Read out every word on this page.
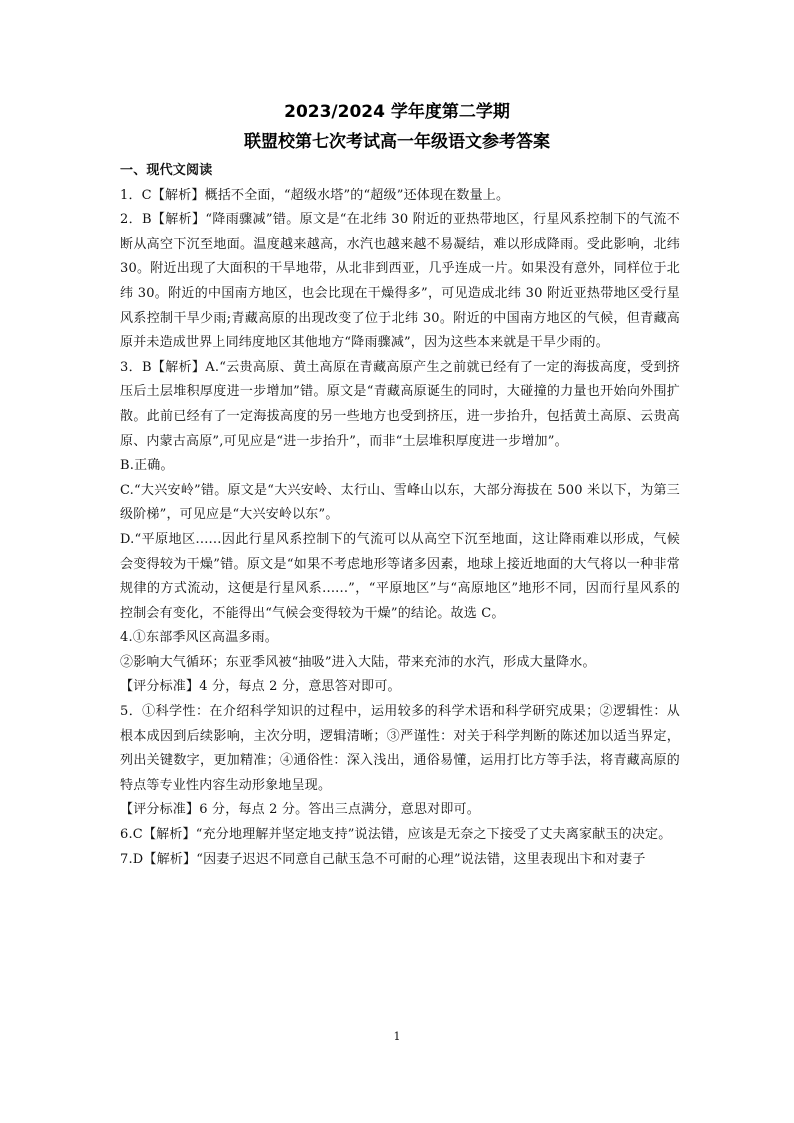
2023/2024 学年度第二学期
联盟校第七次考试高一年级语文参考答案

一、现代文阅读

1．C【解析】概括不全面，“超级水塔”的“超级”还体现在数量上。

2．B【解析】“降雨骤减”错。原文是“在北纬 30 附近的亚热带地区，行星风系控制下的气流不断从高空下沉至地面。温度越来越高，水汽也越来越不易凝结，难以形成降雨。受此影响，北纬 30。附近出现了大面积的干旱地带，从北非到西亚，几乎连成一片。如果没有意外，同样位于北纬 30。附近的中国南方地区，也会比现在干燥得多”，可见造成北纬 30 附近亚热带地区受行星风系控制干旱少雨;青藏高原的出现改变了位于北纬 30。附近的中国南方地区的气候，但青藏高原并未造成世界上同纬度地区其他地方“降雨骤减”，因为这些本来就是干旱少雨的。

3．B【解析】A.“云贵高原、黄土高原在青藏高原产生之前就已经有了一定的海拔高度，受到挤压后土层堆积厚度进一步增加”错。原文是“青藏高原诞生的同时，大碰撞的力量也开始向外围扩散。此前已经有了一定海拔高度的另一些地方也受到挤压，进一步抬升，包括黄土高原、云贵高原、内蒙古高原”,可见应是“进一步抬升”，而非“土层堆积厚度进一步增加”。

B.正确。

C.“大兴安岭”错。原文是“大兴安岭、太行山、雪峰山以东，大部分海拔在 500 米以下，为第三级阶梯”，可见应是“大兴安岭以东”。

D.“平原地区......因此行星风系控制下的气流可以从高空下沉至地面，这让降雨难以形成，气候会变得较为干燥”错。原文是“如果不考虑地形等诸多因素，地球上接近地面的大气将以一种非常规律的方式流动，这便是行星风系......”，“平原地区”与“高原地区”地形不同，因而行星风系的控制会有变化，不能得出“气候会变得较为干燥”的结论。故选 C。

4.①东部季风区高温多雨。

②影响大气循环；东亚季风被“抽吸”进入大陆，带来充沛的水汽，形成大量降水。

【评分标准】4 分，每点 2 分，意思答对即可。

5．①科学性：在介绍科学知识的过程中，运用较多的科学术语和科学研究成果；②逻辑性：从根本成因到后续影响，主次分明，逻辑清晰；③严谨性：对关于科学判断的陈述加以适当界定，列出关键数字，更加精准；④通俗性：深入浅出，通俗易懂，运用打比方等手法，将青藏高原的特点等专业性内容生动形象地呈现。

【评分标准】6 分，每点 2 分。答出三点满分，意思对即可。

6.C【解析】“充分地理解并坚定地支持”说法错，应该是无奈之下接受了丈夫离家献玉的决定。

7.D【解析】“因妻子迟迟不同意自己献玉急不可耐的心理”说法错，这里表现出卞和对妻子

1
